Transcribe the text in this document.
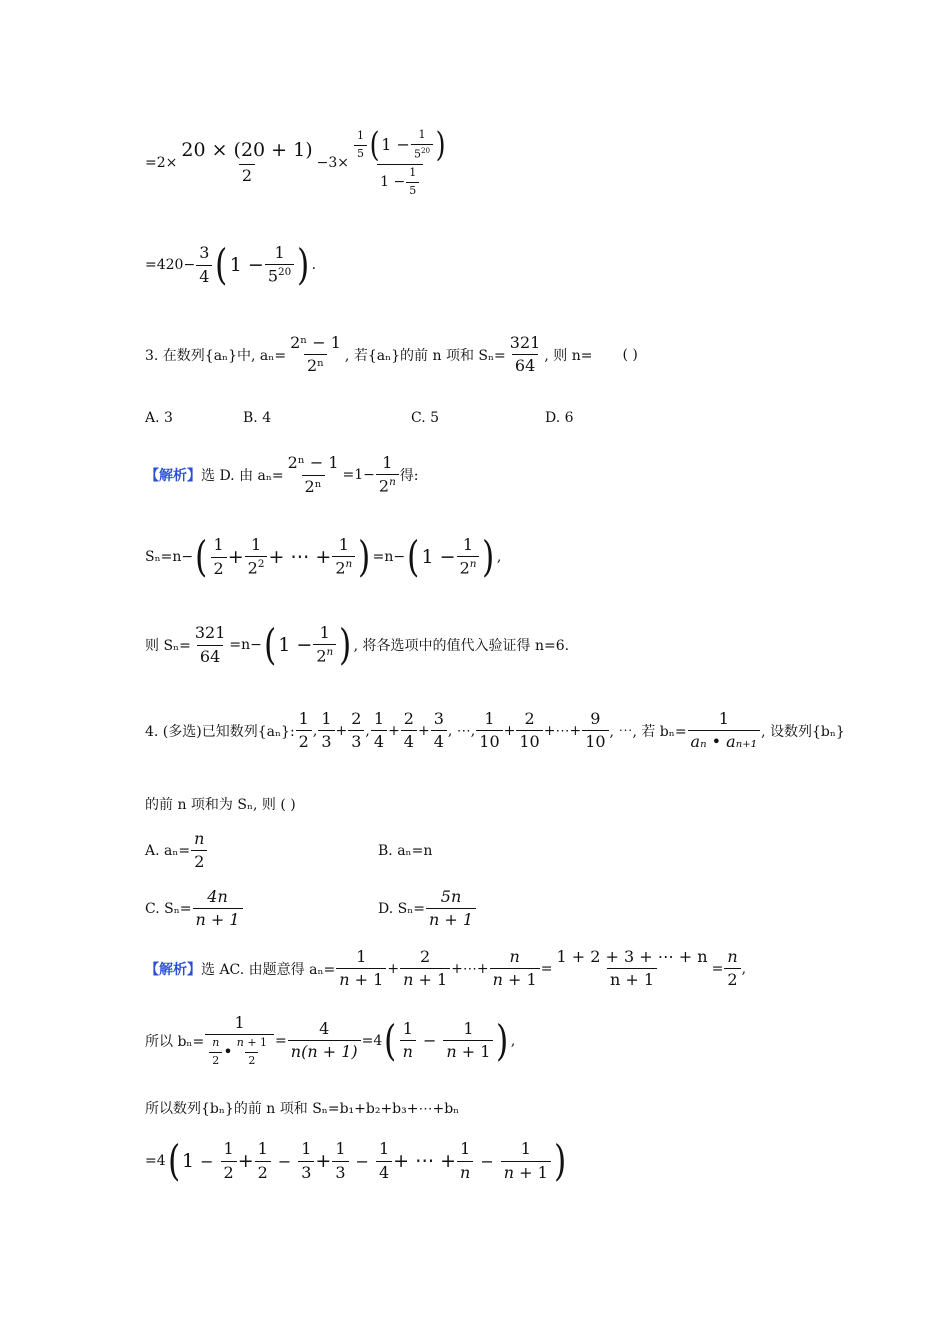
$=2\times \frac{20 \times (20 + 1)}{2} -3\times \frac{\frac{1}{5} ( 1 - \frac{1}{5^{20}} )}{1 - \frac{1}{5}}$
$=420- \frac{3}{4}$ ( $1 - \frac{1}{5^{20}}$ ) .
3. 在数列{aₙ}中, $a_n= \frac{\text{2ⁿ − 1}}{\text{2ⁿ}}$ , 若{aₙ}的前 n 项和 $S_n= \frac{321}{64}$ , 则 n= ( )
A. 3	B. 4	C. 5	D. 6
【解析】 选 D. 由 $a_n= \frac{\text{2ⁿ − 1}}{\text{2ⁿ}} =1- \frac{1}{2^n}$ 得:
Sₙ=n− ( $\frac{1}{2} + \frac{1}{2^2}$ + ⋯ + $\frac{1}{2^n}$ ) =n− ( $1 - \frac{1}{2^n}$ ) ,
则 $S_n= \frac{321}{64} =n-$ ( $1 - \frac{1}{2^n}$ ) , 将各选项中的值代入验证得 n=6.
4. (多选)已知数列{aₙ}: $\frac{1}{2}$ , $\frac{1}{3} + \frac{2}{3}$ , $\frac{1}{4} + \frac{2}{4} + \frac{3}{4}$ , ⋯, $\frac{1}{10} + \frac{2}{10}$ +⋯+ $\frac{9}{10}$ , ⋯, 若 $b_n= \frac{1}{\text{aₙ • aₙ₊₁}}$ , 设数列{bₙ}
的前 n 项和为 Sₙ, 则 ( )
A. $a_n= \frac{n}{2}$	B. aₙ=n
C. $S_n= \frac{4n}{n + 1}$	D. $S_n= \frac{5n}{n + 1}$
【解析】 选 AC. 由题意得 $a_n= \frac{1}{n + 1} + \frac{2}{n + 1}$ +⋯+ $\frac{n}{n + 1} = \frac{1 + 2 + 3 + \cdots + n}{n + 1} = \frac{n}{2}$ ,
所以 $b_n= \frac{1}{\frac{n}{2} • \frac{n + 1}{2}} = \frac{4}{n(n + 1)} =4$ ( $\frac{1}{n} - \frac{1}{n + 1}$ ) ,
所以数列{bₙ}的前 n 项和 Sₙ=b₁+b₂+b₃+⋯+bₙ
=4 ( $1 - \frac{1}{2} + \frac{1}{2} - \frac{1}{3} + \frac{1}{3} - \frac{1}{4}$ + ⋯ + $\frac{1}{n} - \frac{1}{n + 1}$ )
